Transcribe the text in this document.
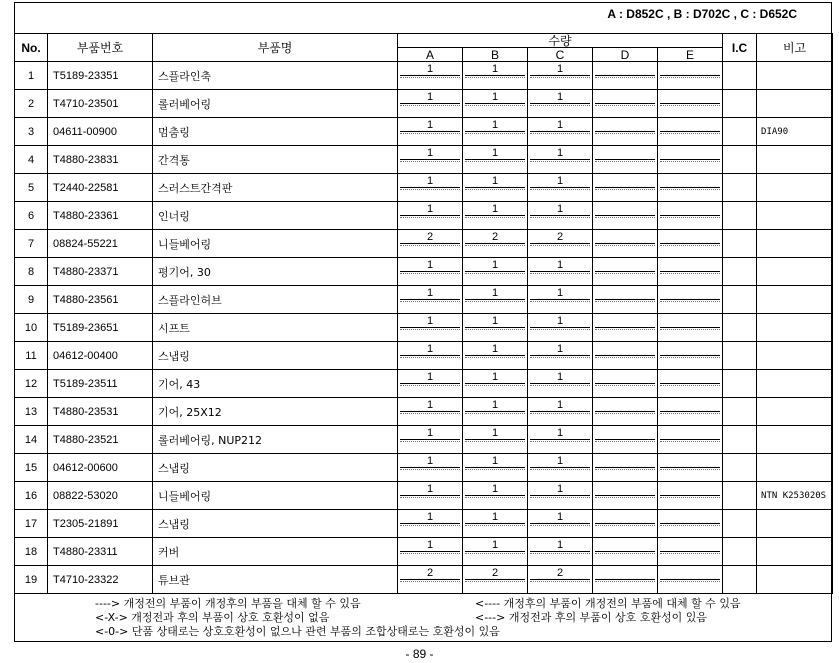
A : D852C , B : D702C , C : D652C
No.	부품번호	부품명	수량					I.C	비고
			A	B	C	D	E		
1	T5189-23351	스플라인축	1	1	1				

2	T4710-23501	롤러베어링	1	1	1				

3	04611-00900	멈춤링	1	1	1				DIA90
4	T4880-23831	간격통	1	1	1				

5	T2440-22581	스러스트간격판	1	1	1				

6	T4880-23361	인너링	1	1	1				

7	08824-55221	니들베어링	2	2	2				

8	T4880-23371	평기어, 30	1	1	1				

9	T4880-23561	스플라인허브	1	1	1				

10	T5189-23651	시프트	1	1	1				

11	04612-00400	스냅링	1	1	1				

12	T5189-23511	기어, 43	1	1	1				

13	T4880-23531	기어, 25X12	1	1	1				

14	T4880-23521	롤러베어링, NUP212	1	1	1				

15	04612-00600	스냅링	1	1	1				

16	08822-53020	니들베어링	1	1	1				NTN K253020S
17	T2305-21891	스냅링	1	1	1				

18	T4880-23311	커버	1	1	1				

19	T4710-23322	튜브관	2	2	2				

----> 개정전의 부품이 개정후의 부품을 대체 할 수 있음	<---- 개정후의 부품이 개정전의 부품에 대체 할 수 있음
<-X-> 개정전과 후의 부품이 상호 호환성이 없음	<---> 개정전과 후의 부품이 상호 호환성이 있음
<-0-> 단품 상태로는 상호호환성이 없으나 관련 부품의 조합상태로는 호환성이 있음
- 89 -
